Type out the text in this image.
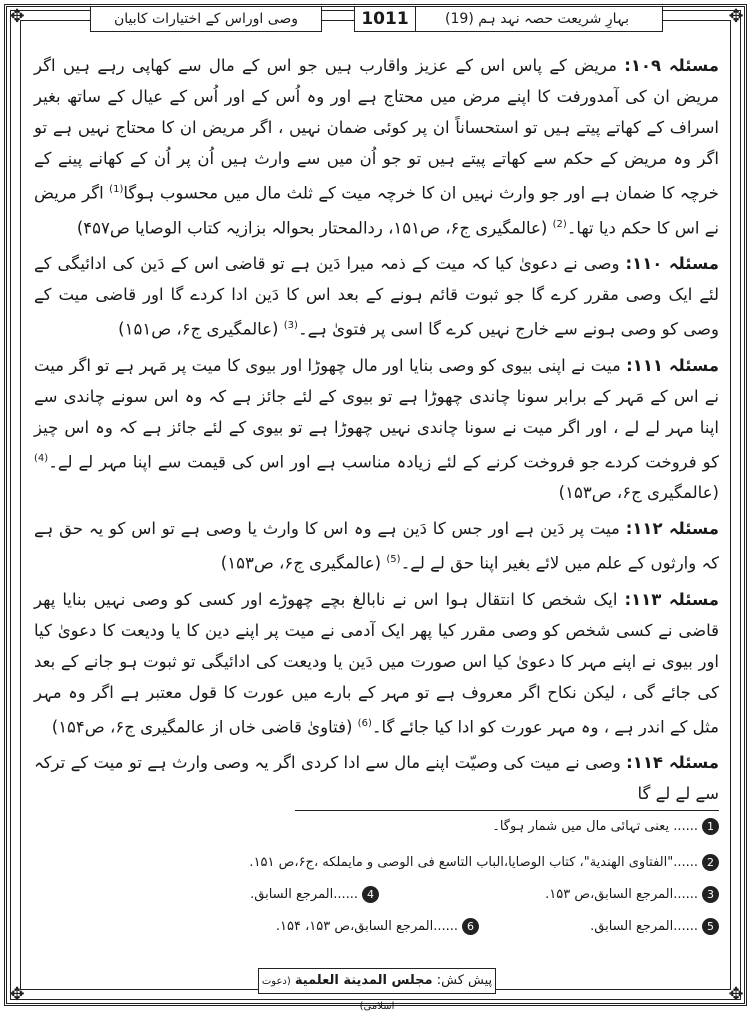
✥	✥
✥	✥
بہارِ شریعت حصہ نہد ہم (19)
1011
وصی اوراس کے اختیارات کابیان

مسئلہ ۱۰۹: مریض کے پاس اس کے عزیز واقارب ہیں جو اس کے مال سے کھاپی رہے ہیں اگر مریض ان کی آمدورفت کا اپنے مرض میں محتاج ہے اور وہ اُس کے اور اُس کے عیال کے ساتھ بغیر اسراف کے کھاتے پیتے ہیں تو استحساناً ان پر کوئی ضمان نہیں ، اگر مریض ان کا محتاج نہیں ہے تو اگر وہ مریض کے حکم سے کھاتے پیتے ہیں تو جو اُن میں سے وارث ہیں اُن پر اُن کے کھانے پینے کے خرچہ کا ضمان ہے اور جو وارث نہیں ان کا خرچہ میت کے ثلث مال میں محسوب ہوگا$^{(1)}$ اگر مریض نے اس کا حکم دیا تھا۔$^{(2)}$ (عالمگیری ج۶، ص۱۵۱، ردالمحتار بحوالہ بزازیہ کتاب الوصایا ص۴۵۷)

مسئلہ ۱۱۰: وصی نے دعویٰ کیا کہ میت کے ذمہ میرا دَین ہے تو قاضی اس کے دَین کی ادائیگی کے لئے ایک وصی مقرر کرے گا جو ثبوت قائم ہونے کے بعد اس کا دَین ادا کردے گا اور قاضی میت کے وصی کو وصی ہونے سے خارج نہیں کرے گا اسی پر فتویٰ ہے۔$^{(3)}$ (عالمگیری ج۶، ص۱۵۱)

مسئلہ ۱۱۱: میت نے اپنی بیوی کو وصی بنایا اور مال چھوڑا اور بیوی کا میت پر مَہر ہے تو اگر میت نے اس کے مَہر کے برابر سونا چاندی چھوڑا ہے تو بیوی کے لئے جائز ہے کہ وہ اس سونے چاندی سے اپنا مہر لے لے ، اور اگر میت نے سونا چاندی نہیں چھوڑا ہے تو بیوی کے لئے جائز ہے کہ وہ اس چیز کو فروخت کردے جو فروخت کرنے کے لئے زیادہ مناسب ہے اور اس کی قیمت سے اپنا مہر لے لے۔$^{(4)}$ (عالمگیری ج۶، ص۱۵۳)

مسئلہ ۱۱۲: میت پر دَین ہے اور جس کا دَین ہے وہ اس کا وارث یا وصی ہے تو اس کو یہ حق ہے کہ وارثوں کے علم میں لائے بغیر اپنا حق لے لے۔$^{(5)}$ (عالمگیری ج۶، ص۱۵۳)

مسئلہ ۱۱۳: ایک شخص کا انتقال ہوا اس نے نابالغ بچے چھوڑے اور کسی کو وصی نہیں بنایا پھر قاضی نے کسی شخص کو وصی مقرر کیا پھر ایک آدمی نے میت پر اپنے دین کا یا ودیعت کا دعویٰ کیا اور بیوی نے اپنے مہر کا دعویٰ کیا اس صورت میں دَین یا ودیعت کی ادائیگی تو ثبوت ہو جانے کے بعد کی جائے گی ، لیکن نکاح اگر معروف ہے تو مہر کے بارے میں عورت کا قول معتبر ہے اگر وہ مہر مثل کے اندر ہے ، وہ مہر عورت کو ادا کیا جائے گا۔$^{(6)}$ (فتاویٰ قاضی خاں از عالمگیری ج۶، ص۱۵۴)

مسئلہ ۱۱۴: وصی نے میت کی وصیّت اپنے مال سے ادا کردی اگر یہ وصی وارث ہے تو میت کے ترکہ سے لے لے گا

1...... یعنی تہائی مال میں شمار ہوگا۔
2......"الفتاوی الهندیة"، کتاب الوصایا،الباب التاسع فی الوصی و مایملكه ،ج۶،ص ۱۵۱.
3......المرجع السابق،ص ۱۵۳.
4......المرجع السابق.
5......المرجع السابق.
6......المرجع السابق،ص ۱۵۳، ۱۵۴.
پیش کش: مجلس المدينة العلمية (دعوت اسلامی)
